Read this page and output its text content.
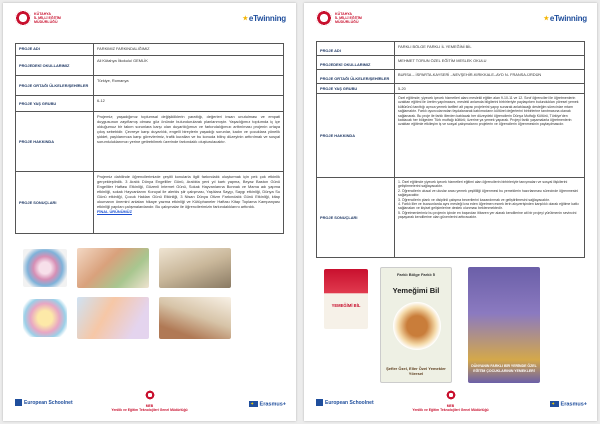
KÜTAHYA
İL MİLLİ EĞİTİM MÜDÜRLÜĞÜ	★eTwinning
PROJE ADI	FARKIMIZ FARKINDALIĞIMIZ
PROJEDEKİ OKULLARIMIZ	Ali Kütahya İlkokulu/ GEMLİK
PROJE ORTAĞI ÜLKELER/ŞEHİRLER	Türkiye, Romanya
PROJE YAŞ GRUBU	6-12
PROJE HAKKINDA	Projemiz; yaşadığımız toplumsal değişikliklerin yarattığı, değerleri insan unutulması ve empati duygusunun zayıflamış olması göz önünde bulundurularak planlanmıştır. Yaşadığımız toplumda iç içe olduğumuz bir takım sorunlara karşı olan duyarlılığımızı ve farkındalığımızı arttırılması projenin ortaya çıkış sebebidir. Çevreye karşı duyarlılık, engelli bireylerin yaşadığı sorunlar, kadın ve çocuklara yönelik şiddet, yaşlılarımıza karşı görevlerimiz, trafik kuralları ve bu konuda bilinç düzeyinin arttırılmak ve sosyal sorumluluklarımızı yerine getirebilmek üzerinde farkındalık oluşturulacaktır.
PROJE SONUÇLARI	Projemiz dahilinde öğrencilerimizde çeşitli konularla ilgili farkındalık oluşturmak için pek çok etkinlik gerçekleştirdik. 3 Aralık Dünya Engelliler Günü, Aralıkta yeni yıl kartı yapma, Beyaz Baston Günü Engelliler Haftası Etkinliği, Gözenli İnternet Günü, Sokak Hayvanlarına Bonnak ve Mama adı yapma etkinliği, sokak Hayvanlarını Koruyal ile alerkis şiir çalışması, Yaşlılara Saygı, Saygı etkinliği, Dünya Su Günü etkinliği, Çocuk Hakları Günü Etkinliği, 3 Nisan Dünya Otizm Farkındalık Günü Etkinliği, kitap okumanın önemini anlatan hikaye yazma etkinliği ve Kütüphaneler Haftası Kitap Toplama Kampanyası etkinliği yapılan çalışmalardandır. Bu çalışmalar ile öğrencilerimizin farkındalıklarını arttırdık.
FİNAL ÜRÜNÜMÜZ
MEB
Yenilik ve Eğitim Teknolojileri Genel Müdürlüğü
European Schoolnet ✦	Erasmus+
KÜTAHYA
İL MİLLİ EĞİTİM MÜDÜRLÜĞÜ	★eTwinning
PROJE ADI	FARKLI BÖLGE FARKLI İL YEMEĞİNİ BİL
PROJEDEKİ OKULLARIMIZ	MEHMET TORUN ÖZEL EĞİTİM MESLEK OKULU
PROJE ORTAĞI ÜLKELER/ŞEHİRLER	BURSA – İSPARTA-KAYSERİ –NEVŞEHİR-KIRIKKALE–AYD N- FRANSA-ÜRDÜN
PROJE YAŞ GRUBU	5-20
PROJE HAKKINDA	Özel eğitimde; yiyecek içecek hizmetleri alanı meslekli eğitim alan 9-10-11 ve 12. Sınıf öğrencileri ile öğretmenlerin uzaktan eğitimi ile üretim yapılmasını, meslekl anlamda bilgilerini birbirleriyle paylaşırken bulundukları yöresel yemek kültürünü tanıttığı ayrıca yemek tarifleri alt yapısı projelerini yapıp sunarak anlatılacağı desteğim sürecinize mtam sağlamaktır. Farklı oyuncularından faydalanarak katılımcıların kültürel değerlerini birbirlerine tanıtmasına olanak sağlanarak. Bu proje ile farklı illerden katılacak her düzeydeki öğrencilerin Dünya Mutfağı Kültürü, Türkiye'den katılacak her bölgeden Türk mutfağı kültürü; üzerine ya yemek yaparak. Projeyi farklı yaşamalarla öğretmenlerin uzaktan eğitimle etkileşim iş ve sosyal çalışmalarını projelerin ve öğrencilerin öğrenmesinin paylaşılmasıdır.
PROJE SONUÇLARI	1. Özel eğitimde yiyecek içecek hizmetleri eğitimi alan öğrencilerin birbirleriyle tanışmaları ve sosyal ilişkilerini geliştirmelerini sağlayacaktır.
2. Öğrencilerin ulusal ve uluslar arası yemek çeşitliliği öğrenmesi bu yemeklerin hazırlanması sürecinde öğrenmesini sağlayacaktır.
3. Öğrencilerin planlı ve disiplinli çalışma becerilerini kazandırmak ve geliştirilmesini sağlayacaktır.
4. Farklı iller ve bucsunlarda aynı mesleği icra eden öğretmen esnek lerin alışverişinden karşılıklı olarak eğitime katkı sağlanaları ve kişisel gelişimlerine destek olunması beklenmektedir.
5. Öğretmenlerimiz bu projenin içinde en başından itibaren yer alarak kendilerine ait bir projeyi yürütmenin sevincini yaşayarak kendilerine olan güvenlerini arttıracaktır.
YEMEĞİMİ BİL
Farklı Bölge Farklı İl
Yemeğimi Bil
Şefler Özel, Eller Özel Yemekler Yöresel
DÜNYANIN FARKLI BİR YERİNDE ÖZEL EĞİTİM ÇOCUKLARININ YEMEKLERİ
MEB
Yenilik ve Eğitim Teknolojileri Genel Müdürlüğü
European Schoolnet ✦	Erasmus+
